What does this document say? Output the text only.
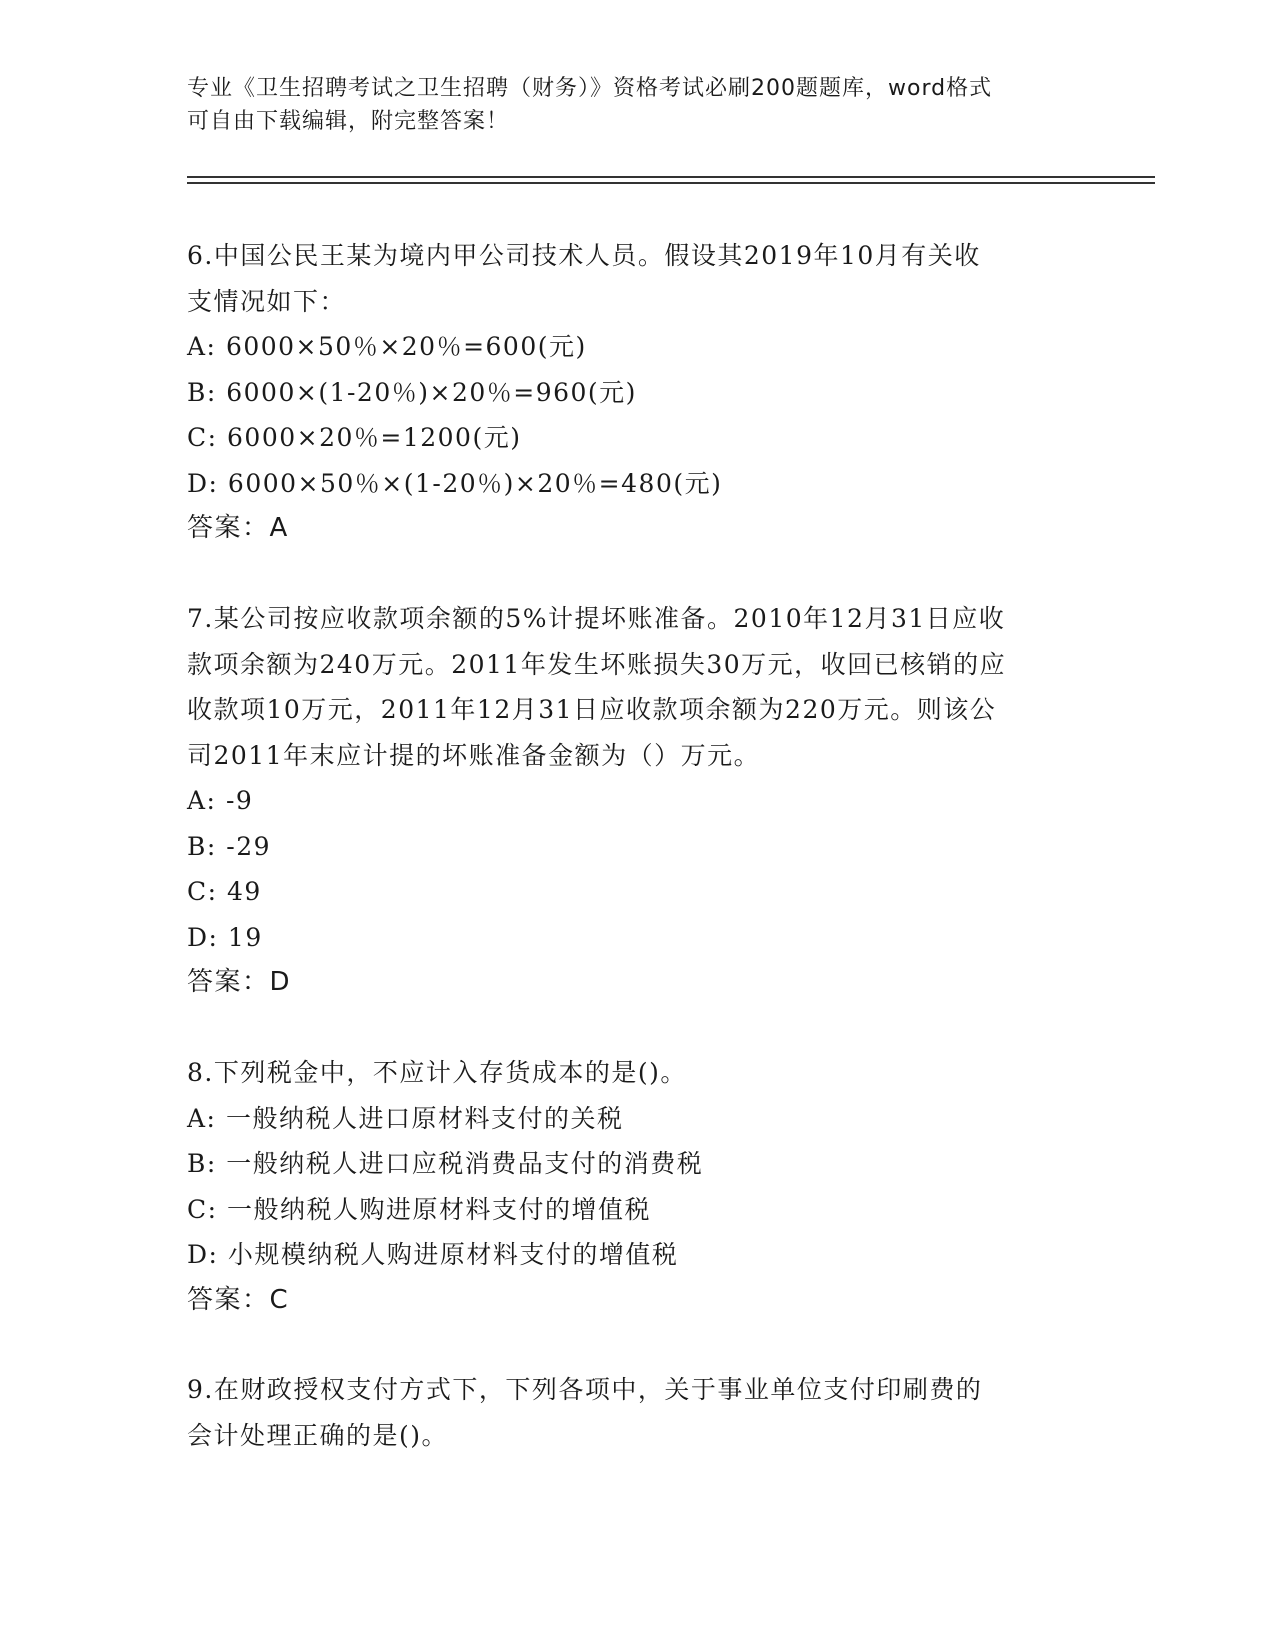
专业《卫生招聘考试之卫生招聘（财务）》资格考试必刷200题题库，word格式
可自由下载编辑，附完整答案！

6.中国公民王某为境内甲公司技术人员。假设其2019年10月有关收

支情况如下：

A: 6000×50％×20％=600(元)

B: 6000×(1-20％)×20％=960(元)

C: 6000×20％=1200(元)

D: 6000×50％×(1-20％)×20％=480(元)

答案：A

7.某公司按应收款项余额的5%计提坏账准备。2010年12月31日应收

款项余额为240万元。2011年发生坏账损失30万元，收回已核销的应

收款项10万元，2011年12月31日应收款项余额为220万元。则该公

司2011年末应计提的坏账准备金额为（）万元。

A: -9

B: -29

C: 49

D: 19

答案：D

8.下列税金中，不应计入存货成本的是()。

A: 一般纳税人进口原材料支付的关税

B: 一般纳税人进口应税消费品支付的消费税

C: 一般纳税人购进原材料支付的增值税

D: 小规模纳税人购进原材料支付的增值税

答案：C

9.在财政授权支付方式下，下列各项中，关于事业单位支付印刷费的

会计处理正确的是()。
